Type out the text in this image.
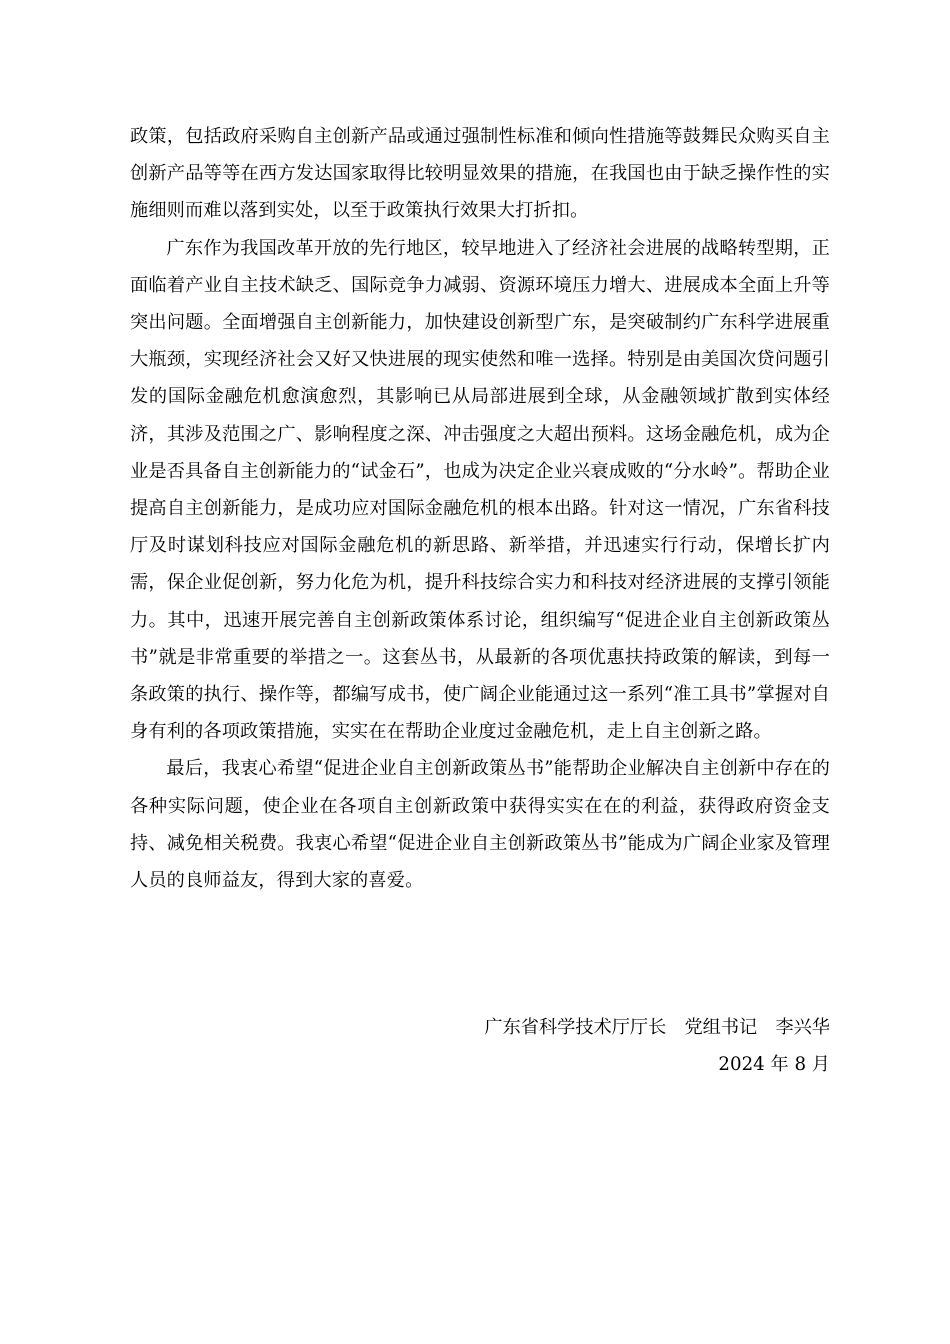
政策，包括政府采购自主创新产品或通过强制性标准和倾向性措施等鼓舞民众购买自主创新产品等等在西方发达国家取得比较明显效果的措施，在我国也由于缺乏操作性的实施细则而难以落到实处，以至于政策执行效果大打折扣。

广东作为我国改革开放的先行地区，较早地进入了经济社会进展的战略转型期，正面临着产业自主技术缺乏、国际竞争力减弱、资源环境压力增大、进展成本全面上升等突出问题。全面增强自主创新能力，加快建设创新型广东，是突破制约广东科学进展重大瓶颈，实现经济社会又好又快进展的现实使然和唯一选择。特别是由美国次贷问题引发的国际金融危机愈演愈烈，其影响已从局部进展到全球，从金融领域扩散到实体经济，其涉及范围之广、影响程度之深、冲击强度之大超出预料。这场金融危机，成为企业是否具备自主创新能力的“试金石”，也成为决定企业兴衰成败的“分水岭”。帮助企业提高自主创新能力，是成功应对国际金融危机的根本出路。针对这一情况，广东省科技厅及时谋划科技应对国际金融危机的新思路、新举措，并迅速实行行动，保增长扩内需，保企业促创新，努力化危为机，提升科技综合实力和科技对经济进展的支撑引领能力。其中，迅速开展完善自主创新政策体系讨论，组织编写“促进企业自主创新政策丛书”就是非常重要的举措之一。这套丛书，从最新的各项优惠扶持政策的解读，到每一条政策的执行、操作等，都编写成书，使广阔企业能通过这一系列“准工具书”掌握对自身有利的各项政策措施，实实在在帮助企业度过金融危机，走上自主创新之路。

最后，我衷心希望“促进企业自主创新政策丛书”能帮助企业解决自主创新中存在的各种实际问题，使企业在各项自主创新政策中获得实实在在的利益，获得政府资金支持、减免相关税费。我衷心希望“促进企业自主创新政策丛书”能成为广阔企业家及管理人员的良师益友，得到大家的喜爱。

广东省科学技术厅厅长　党组书记　李兴华
2024 年 8 月
